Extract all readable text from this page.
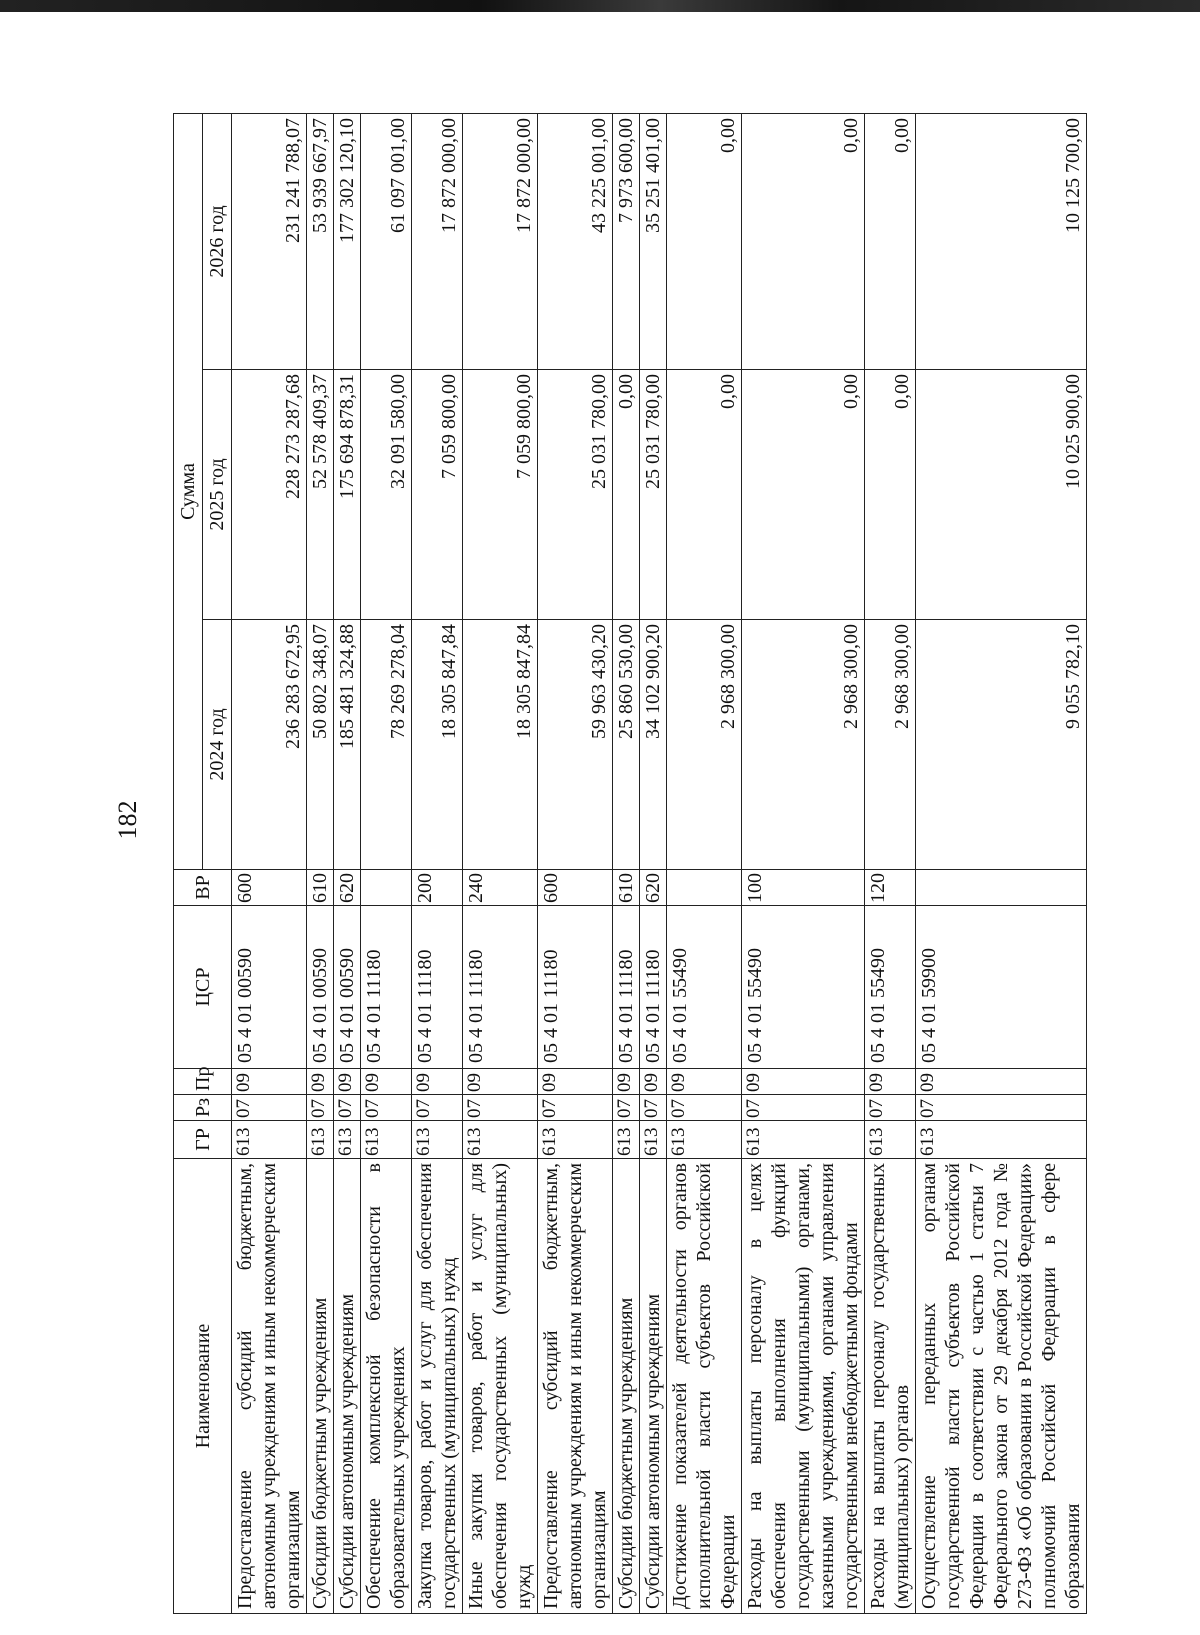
182
Наименование	ГР	Рз	Пр	ЦСР	ВР	Сумма		
						2024 год	2025 год	2026 год
Предоставление субсидий бюджетным, автономным учреждениям и иным некоммерческим организациям	613	07	09	05 4 01 00590	600	236 283 672,95	228 273 287,68	231 241 788,07
Субсидии бюджетным учреждениям	613	07	09	05 4 01 00590	610	50 802 348,07	52 578 409,37	53 939 667,97
Субсидии автономным учреждениям	613	07	09	05 4 01 00590	620	185 481 324,88	175 694 878,31	177 302 120,10
Обеспечение комплексной безопасности в образовательных учреждениях	613	07	09	05 4 01 11180		78 269 278,04	32 091 580,00	61 097 001,00
Закупка товаров, работ и услуг для обеспечения государственных (муниципальных) нужд	613	07	09	05 4 01 11180	200	18 305 847,84	7 059 800,00	17 872 000,00
Иные закупки товаров, работ и услуг для обеспечения государственных (муниципальных) нужд	613	07	09	05 4 01 11180	240	18 305 847,84	7 059 800,00	17 872 000,00
Предоставление субсидий бюджетным, автономным учреждениям и иным некоммерческим организациям	613	07	09	05 4 01 11180	600	59 963 430,20	25 031 780,00	43 225 001,00
Субсидии бюджетным учреждениям	613	07	09	05 4 01 11180	610	25 860 530,00	0,00	7 973 600,00
Субсидии автономным учреждениям	613	07	09	05 4 01 11180	620	34 102 900,20	25 031 780,00	35 251 401,00
Достижение показателей деятельности органов исполнительной власти субъектов Российской Федерации	613	07	09	05 4 01 55490		2 968 300,00	0,00	0,00
Расходы на выплаты персоналу в целях обеспечения выполнения функций государственными (муниципальными) органами, казенными учреждениями, органами управления государственными внебюджетными фондами	613	07	09	05 4 01 55490	100	2 968 300,00	0,00	0,00
Расходы на выплаты персоналу государственных (муниципальных) органов	613	07	09	05 4 01 55490	120	2 968 300,00	0,00	0,00
Осуществление переданных органам государственной власти субъектов Российской Федерации в соответствии с частью 1 статьи 7 Федерального закона от 29 декабря 2012 года № 273-ФЗ «Об образовании в Российской Федерации» полномочий Российской Федерации в сфере образования	613	07	09	05 4 01 59900		9 055 782,10	10 025 900,00	10 125 700,00
